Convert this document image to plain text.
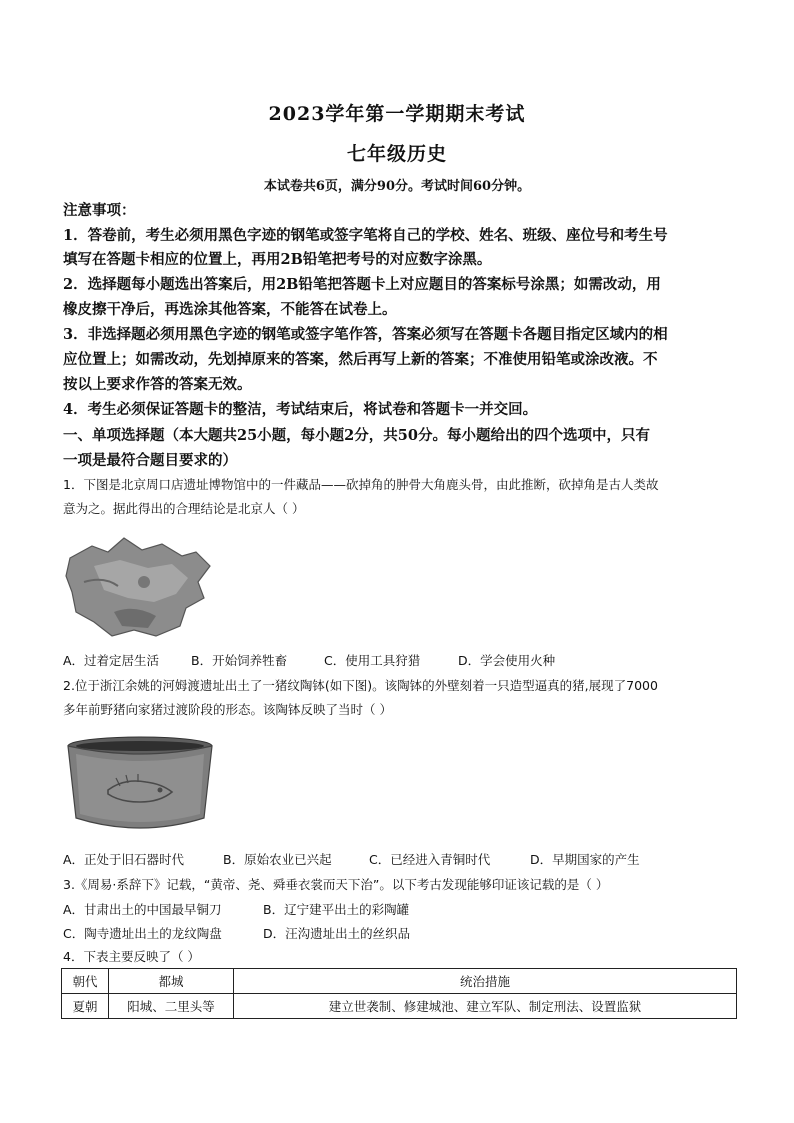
2023学年第一学期期末考试
七年级历史
本试卷共6页，满分90分。考试时间60分钟。
注意事项：
1．答卷前，考生必须用黑色字迹的钢笔或签字笔将自己的学校、姓名、班级、座位号和考生号
填写在答题卡相应的位置上，再用2B铅笔把考号的对应数字涂黑。
2．选择题每小题选出答案后，用2B铅笔把答题卡上对应题目的答案标号涂黑；如需改动，用
橡皮擦干净后，再选涂其他答案，不能答在试卷上。
3．非选择题必须用黑色字迹的钢笔或签字笔作答，答案必须写在答题卡各题目指定区域内的相
应位置上；如需改动，先划掉原来的答案，然后再写上新的答案；不准使用铅笔或涂改液。不
按以上要求作答的答案无效。
4．考生必须保证答题卡的整洁，考试结束后，将试卷和答题卡一并交回。
一、单项选择题（本大题共25小题，每小题2分，共50分。每小题给出的四个选项中，只有
一项是最符合题目要求的）
1．下图是北京周口店遗址博物馆中的一件藏品——砍掉角的肿骨大角鹿头骨，由此推断，砍掉角是古人类故
意为之。据此得出的合理结论是北京人（ ）
A．过着定居生活	B．开始饲养牲畜	C．使用工具狩猎	D．学会使用火种
2.位于浙江余姚的河姆渡遗址出土了一猪纹陶钵(如下图)。该陶钵的外壁刻着一只造型逼真的猪,展现了7000
多年前野猪向家猪过渡阶段的形态。该陶钵反映了当时（ ）
A．正处于旧石器时代	B．原始农业已兴起	C．已经进入青铜时代	D．早期国家的产生
3.《周易·系辞下》记载，“黄帝、尧、舜垂衣裳而天下治”。以下考古发现能够印证该记载的是（ ）
A．甘肃出土的中国最早铜刀	B．辽宁建平出土的彩陶罐
C．陶寺遗址出土的龙纹陶盘	D．汪沟遗址出土的丝织品
4．下表主要反映了（ ）
朝代	都城	统治措施
夏朝	阳城、二里头等	建立世袭制、修建城池、建立军队、制定刑法、设置监狱
